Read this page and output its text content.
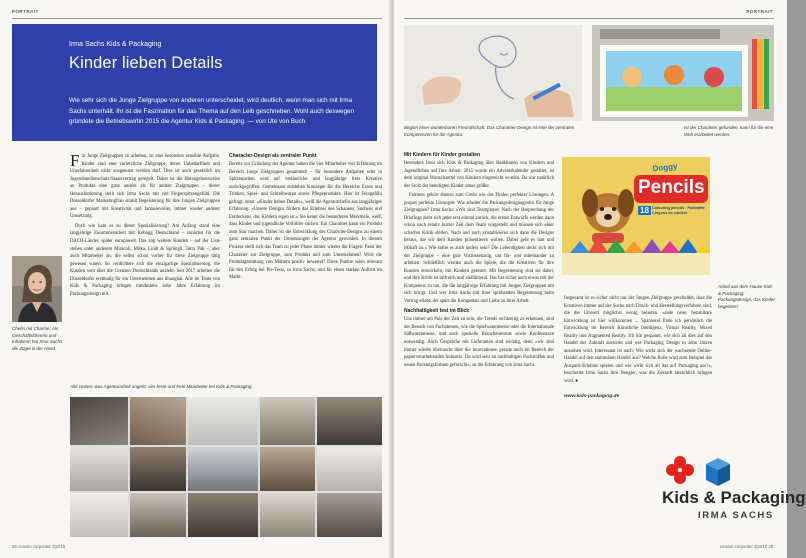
PORTRAIT
Irma Sachs Kids & Packaging
Kinder lieben Details
Wie sehr sich die Junge Zielgruppe von anderen unterscheidet, wird deutlich, wenn man sich mit Irma Sachs unterhält. Ihr ist die Faszination für das Thema auf den Leib geschrieben. Wohl auch deswegen gründete die Betriebswirtin 2015 die Agentur Kids & Packaging. — von Ute von Buch
Chefin mit Charme: Als Geschäftsführerin und Inhaberin hat Irma Sachs die Zügel in der Hand.

Für Junge Zielgruppen zu arbeiten, ist eine besonders sensible Aufgabe. Kinder sind eine vorletzliche Zielgruppe, deren Unbedarftheit und Unerfahrenheit nicht ausgenutzt werden darf. Dies ist auch gesetzlich im Jugendmedienschutz-Staatsvertrag geregelt. Daher ist die Herangehensweise an Produkte eine ganz andere als für andere Zielgruppen – dieser Herausforderung stellt sich Irma Sachs mit viel Fingerspitzengefühl. Die Düsseldorfer Marketingfrau strahlt Begeisterung für ihre Jungen Zielgruppen aus – gepaart mit Kreativität und fantasievoller, immer wieder anderer Umsetzung.

Doch wie kam es zu dieser Spezialisierung? Am Anfang stand eine langjährige Zusammenarbeit mit Kellogg Deutschland – zunächst für die DACH-Länder, später europaweit. Das zog weitere Kunden – auf der Liste stehen unter anderem Mirácoli, Milka, Lindt & Sprüngli, Tetra Pak –, aber auch Mitarbeiter an, die selbst schon vorher für diese Zielgruppe tätig gewesen waren. So verdichtete sich die einzigartige Spezialisierung, die Kunden weit über die Grenzen Deutschlands anzieht. Seit 2017 arbeiten die Düsseldorfer erstmalig für ein Unternehmen aus Shanghai. Alle im Team von Kids & Packaging bringen mindestens zehn Jahre Erfahrung im Packungsdesign mit.

Character-Design als zentraler Punkt

Bereits vor Gründung der Agentur haben die vier Mitarbeiter viel Erfahrung im Bereich Junge Zielgruppen gesammelt – für besondere Aufgaben oder in Spitzenzeiten wird auf verlässliche und langjährige freie Kreative zurückgegriffen. Gemeinsam entstehen Konzepte für die Bereiche Essen und Trinken, Spiel- und Schreibwaren sowie Pflegeprodukte. Hier ist Feingefühl gefragt, denn: »Kinder lieben Details«, weiß die Agenturchefin aus langjähriger Erfahrung. »Unsere Designs fördern das Erlebnis des Schauens, Suchens und Entdeckens, das Kindern eigen ist.« Sie kennt die besonderen Merkmale, weiß, dass Kinder und jugendliche Vorbilder suchen. Ein Charakter kann ein Produkt zum Star machen. Daher ist die Entwicklung des Character-Designs zu einem ganz zentralen Punkt der Umsetzungen der Agentur geworden. In diesem Prozess stellt sich das Team zu jeder Phase immer wieder die Fragen: Passt der Charakter zur Zielgruppe, zum Produkt und zum Unternehmen? Wird die Produktgestaltung von Müttern positiv bewertet? Diese Punkte seien relevant für den Erfolg bei Pre-Tests, so Irma Sachs, und für einen starken Auftritt im Markt.

Alte Hasen, was Agenturarbeit angeht: vier feste und freie Mitarbeiter bei Kids & Packaging.
28 crossin corporate 2|2018
PORTRAIT
Beginn einer wunderbaren Freundschaft. Das Charakter-Design ist eine der zentralen Kompetenzen für die Agentur.
Ist der Charakter gefunden, kann für die eine Welt erarbeitet werden.
Mit Kindern für Kinder gestalten

Besonders freut sich Kids & Packaging über Reaktionen von Kindern und Jugendlichen auf Ihre Arbeit. 2015 wurde ein Adventskalender gestaltet, ist dem original Wunschzettel von Kindern eingereicht wurden. Da war natürlich der Stolz der beteiligten Kinder umso größer.

Fairness gehört ebenso zum Credo wie das Finden perfekter Lösungen. A propos perfekte Lösungen: Wie arbeitet die Packungsdesignagentur für Junge Zielgruppen? Irma Sachs: »Wir sind Teamplayer. Nach der Besprechung des Briefings zieht sich jeder erst einmal zurück, die ersten Entwürfe werden dann schon nach relativ kurzer Zeit dem Team vorgestellt und müssen sich einer scharfen Kritik stellen. Nach und nach kristallisieren sich dann die Designs heraus, die wir dem Kunden präsentieren wollen. Dabei geht es laut und lebhaft zu.« Wie sollte es auch anders sein? Die Lebendigkeit deckt sich mit der Zielgruppe – eine gute Voraussetzung, um für- und miteinander zu arbeiten. Schließlich werden auch die Spiele, die die Kreativen für ihre Kunden entwickeln, mit Kindern getestet. Mit Begeisterung sind sie dabei, und ihre Kritik ist hilfreich und zielführend. Das hat sicher auch etwas mit der Kompetenz zu tun, die die langjährige Erfahrung mit Jungen Zielgruppen mit sich bringt. Und wer Irma Sachs mit ihrer sprühenden Begeisterung beim Vortrag erlebt, der spürt die Kompetenz und Liebe zu ihrer Arbeit.

Nachhaltigkeit fest im Blick

Uns immer am Puls der Zeit zu sein, die Trends rechtzeitig zu erkennen, sind der Besuch von Fachmessen, wie die Spielwarenmesse oder die Internationale Süßwarenmesse, und auch spezielle Branchenevents sowie Konferenzen notwendig. Auch Gespräche mit Lieferanten sind wichtig, denn »wir sind immer wieder überrascht über die Innovationen gerade auch im Bereich der papierverarbeitenden Industrie. Da wird sehr an nachhaltigen Packstoffen und neuen Packungsformen geforscht«, so die Erfahrung von Irma Sachs.

Doggy
Pencils
18 Colouring pencils · Farbstifte
Crayons de couleur
Arbeit aus dem Hause Kids & Packaging: Packungsdesign, das Kinder begeistert.

Insgesamt ist es sicher nicht nur der Jungen Zielgruppe geschuldet, dass die Kreativen immer auf der Suche nach Druck- und Herstellungsverfahren sind, die die Umwelt möglichst wenig belasten. »Jede neue, bezahlbare Entwicklung ist hier willkommen ... Spannend finde ich persönlich die Entwicklung im Bereich Künstliche Intelligenz, Virtual Reality, Mixed Reality und Augmented Reality. Ich bin gespannt, wie sich all dies auf den Handel der Zukunft auswirkt und wie Packaging Design in zehn Jahren aussehen wird. Interessant ist auch: Wie wirkt sich der wachsende Online-Handel auf den stationären Handel aus? Welche Rolle wird zum Beispiel das Auspack-Erlebnis spielen und wie wirkt sich all das auf Packaging aus?«, beschreibt Irma Sachs ihre Neugier, was die Zukunft tatsächlich bringen wird. ●

www.kids-packaging.de
crossin corporate 2|2018 29
Kids & Packaging
IRMA SACHS
